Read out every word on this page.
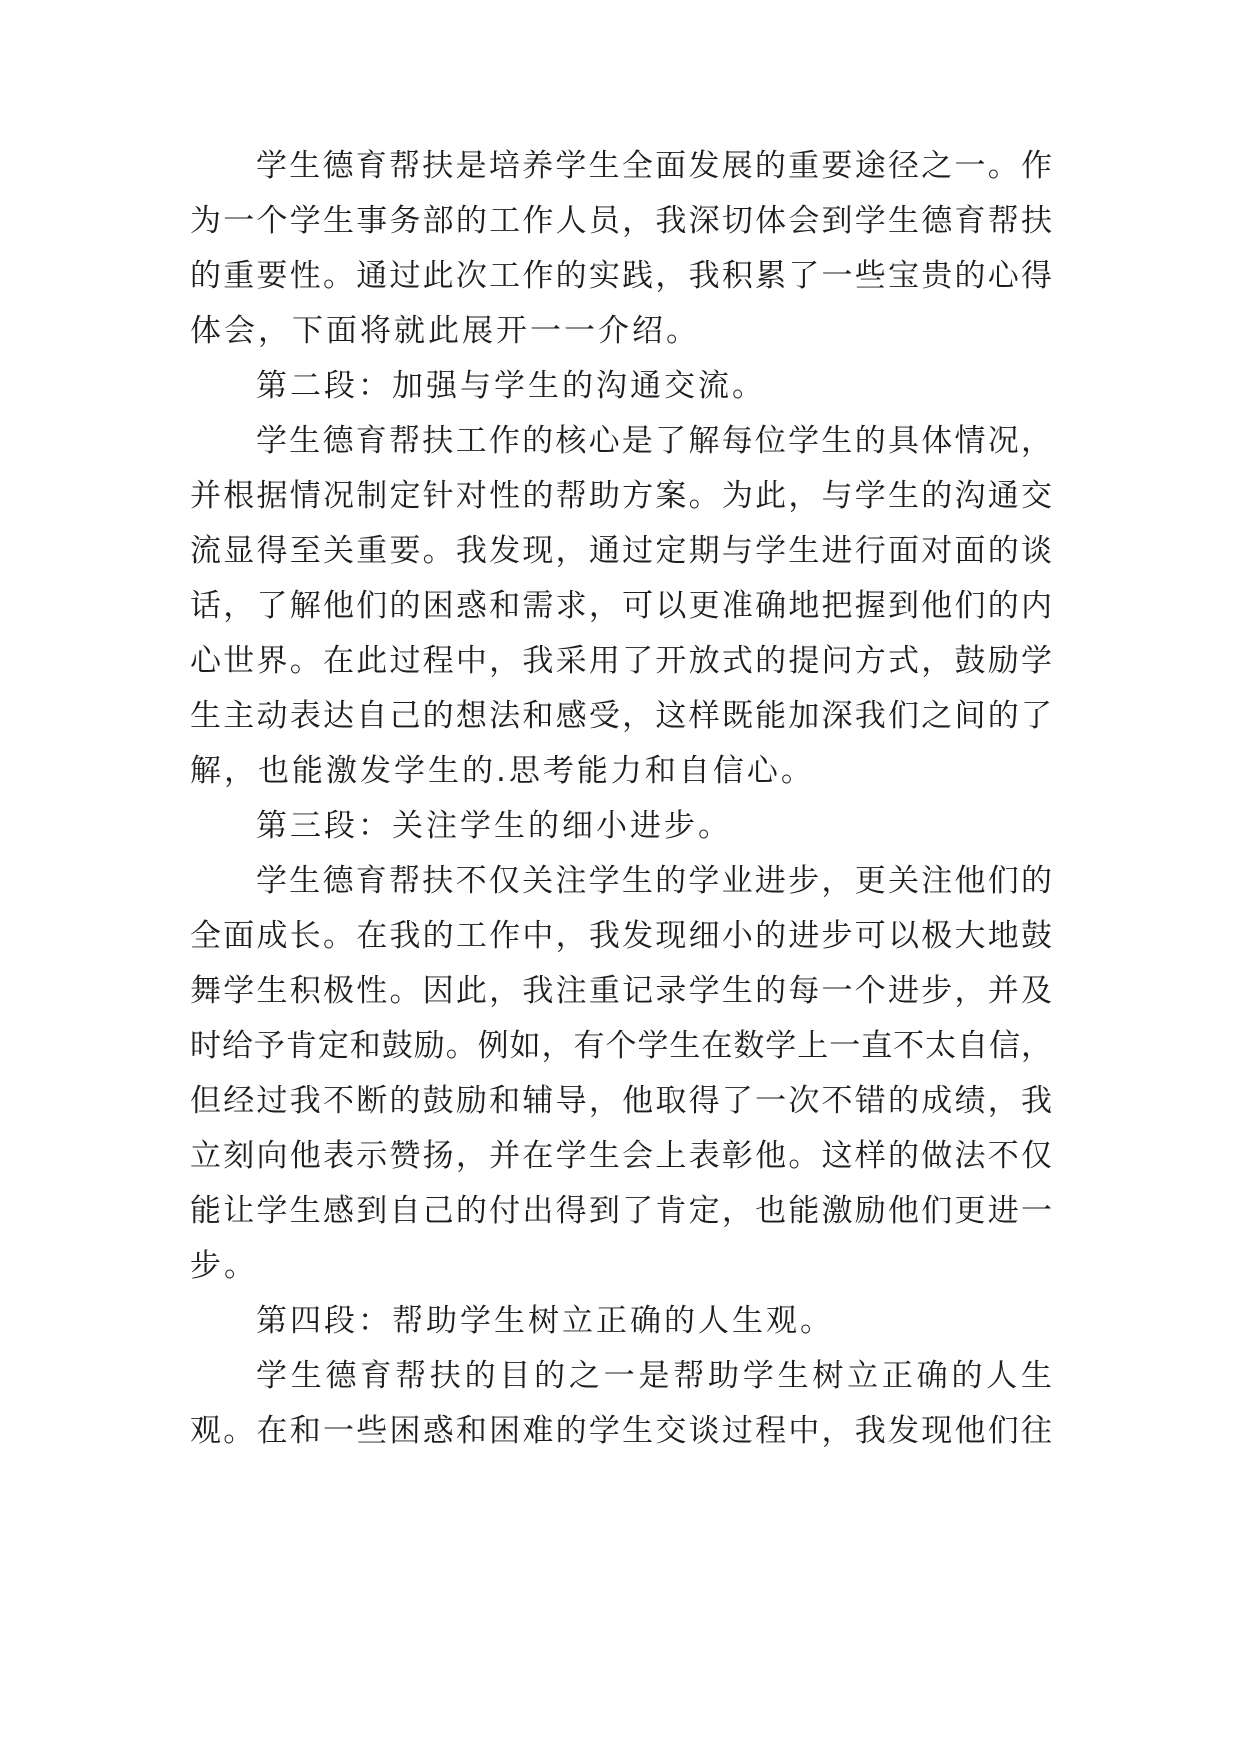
学生德育帮扶是培养学生全面发展的重要途径之一。作
为一个学生事务部的工作人员，我深切体会到学生德育帮扶
的重要性。通过此次工作的实践，我积累了一些宝贵的心得
体会，下面将就此展开一一介绍。
第二段：加强与学生的沟通交流。
学生德育帮扶工作的核心是了解每位学生的具体情况，
并根据情况制定针对性的帮助方案。为此，与学生的沟通交
流显得至关重要。我发现，通过定期与学生进行面对面的谈
话，了解他们的困惑和需求，可以更准确地把握到他们的内
心世界。在此过程中，我采用了开放式的提问方式，鼓励学
生主动表达自己的想法和感受，这样既能加深我们之间的了
解，也能激发学生的.思考能力和自信心。
第三段：关注学生的细小进步。
学生德育帮扶不仅关注学生的学业进步，更关注他们的
全面成长。在我的工作中，我发现细小的进步可以极大地鼓
舞学生积极性。因此，我注重记录学生的每一个进步，并及
时给予肯定和鼓励。例如，有个学生在数学上一直不太自信，
但经过我不断的鼓励和辅导，他取得了一次不错的成绩，我
立刻向他表示赞扬，并在学生会上表彰他。这样的做法不仅
能让学生感到自己的付出得到了肯定，也能激励他们更进一
步。
第四段：帮助学生树立正确的人生观。
学生德育帮扶的目的之一是帮助学生树立正确的人生
观。在和一些困惑和困难的学生交谈过程中，我发现他们往
